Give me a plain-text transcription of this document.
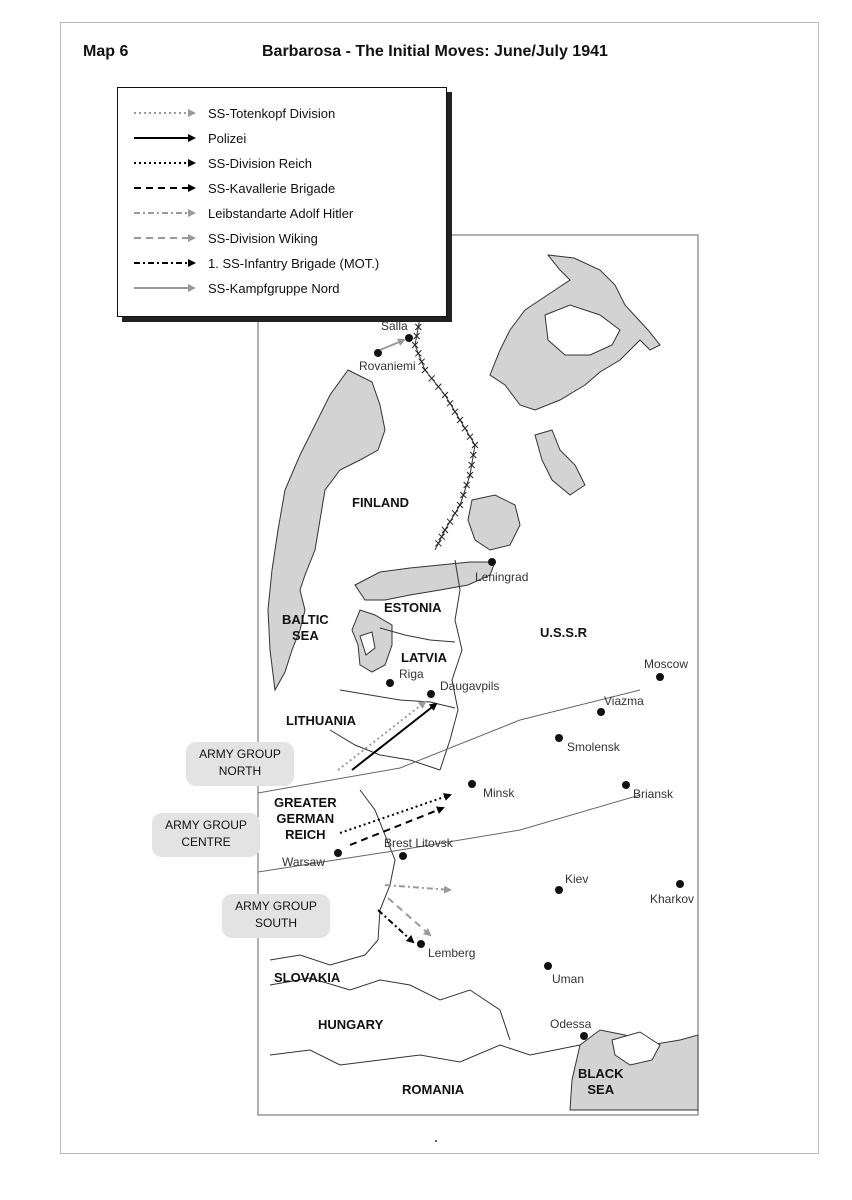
Map 6	Barbarosa - The Initial Moves: June/July 1941
SS-Totenkopf Division
Polizei
SS-Division Reich
SS-Kavallerie Brigade
Leibstandarte Adolf Hitler
SS-Division Wiking
1. SS-Infantry Brigade (MOT.)
SS-Kampfgruppe Nord
FINLAND
BALTIC
SEA
ESTONIA
LATVIA
LITHUANIA
U.S.S.R
GREATER
GERMAN
REICH
SLOVAKIA
HUNGARY
ROMANIA
BLACK
SEA
Salla
Rovaniemi
Leningrad
Riga
Daugavpils
Moscow
Viazma
Smolensk
Minsk	Briansk
Warsaw
Brest Litovsk
Kiev
Kharkov
Lemberg
Uman
Odessa
ARMY GROUP
NORTH
ARMY GROUP
CENTRE
ARMY GROUP
SOUTH
